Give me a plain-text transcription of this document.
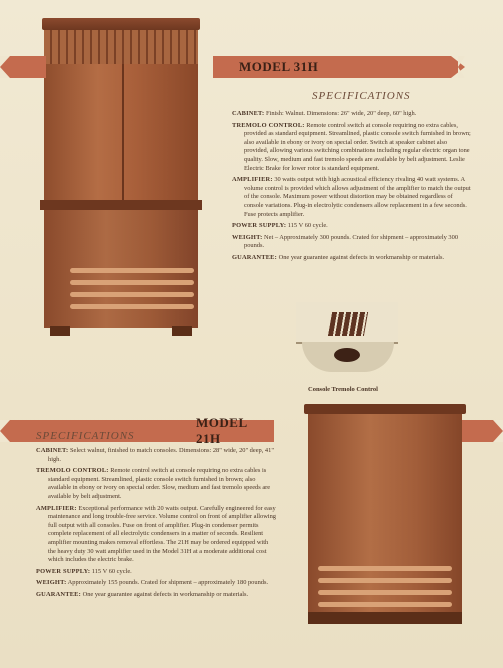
MODEL 31H
SPECIFICATIONS

CABINET: Finish: Walnut. Dimensions: 26" wide, 20" deep, 60" high.

TREMOLO CONTROL: Remote control switch at console requiring no extra cables, provided as standard equipment. Streamlined, plastic console switch furnished in brown; also available in ebony or ivory on special order. Switch at speaker cabinet also provided, allowing various switching combinations including regular electric organ tone quality. Slow, medium and fast tremolo speeds are available by belt adjustment. Leslie Electric Brake for lower rotor is standard equipment.

AMPLIFIER: 30 watts output with high acoustical efficiency rivaling 40 watt systems. A volume control is provided which allows adjustment of the amplifier to match the output of the console. Maximum power without distortion may be obtained regardless of console variations. Plug-in electrolytic condensers allow replacement in a few seconds. Fuse protects amplifier.

POWER SUPPLY: 115 V 60 cycle.

WEIGHT: Net – Approximately 300 pounds. Crated for shipment – approximately 300 pounds.

GUARANTEE: One year guarantee against defects in workmanship or materials.

Console Tremolo Control
MODEL 21H
SPECIFICATIONS

CABINET: Select walnut, finished to match consoles. Dimensions: 28" wide, 20" deep, 41" high.

TREMOLO CONTROL: Remote control switch at console requiring no extra cables is standard equipment. Streamlined, plastic console switch furnished in brown; also available in ebony or ivory on special order. Slow, medium and fast tremolo speeds are available by belt adjustment.

AMPLIFIER: Exceptional performance with 20 watts output. Carefully engineered for easy maintenance and long trouble-free service. Volume control on front of amplifier allowing full output with all consoles. Fuse on front of amplifier. Plug-in condenser permits complete replacement of all electrolytic condensers in a matter of seconds. Resilient amplifier mounting makes removal effortless. The 21H may be ordered equipped with the heavy duty 30 watt amplifier used in the Model 31H at a moderate additional cost which includes the electric brake.

POWER SUPPLY: 115 V 60 cycle.

WEIGHT: Approximately 155 pounds. Crated for shipment – approximately 180 pounds.

GUARANTEE: One year guarantee against defects in workmanship or materials.
